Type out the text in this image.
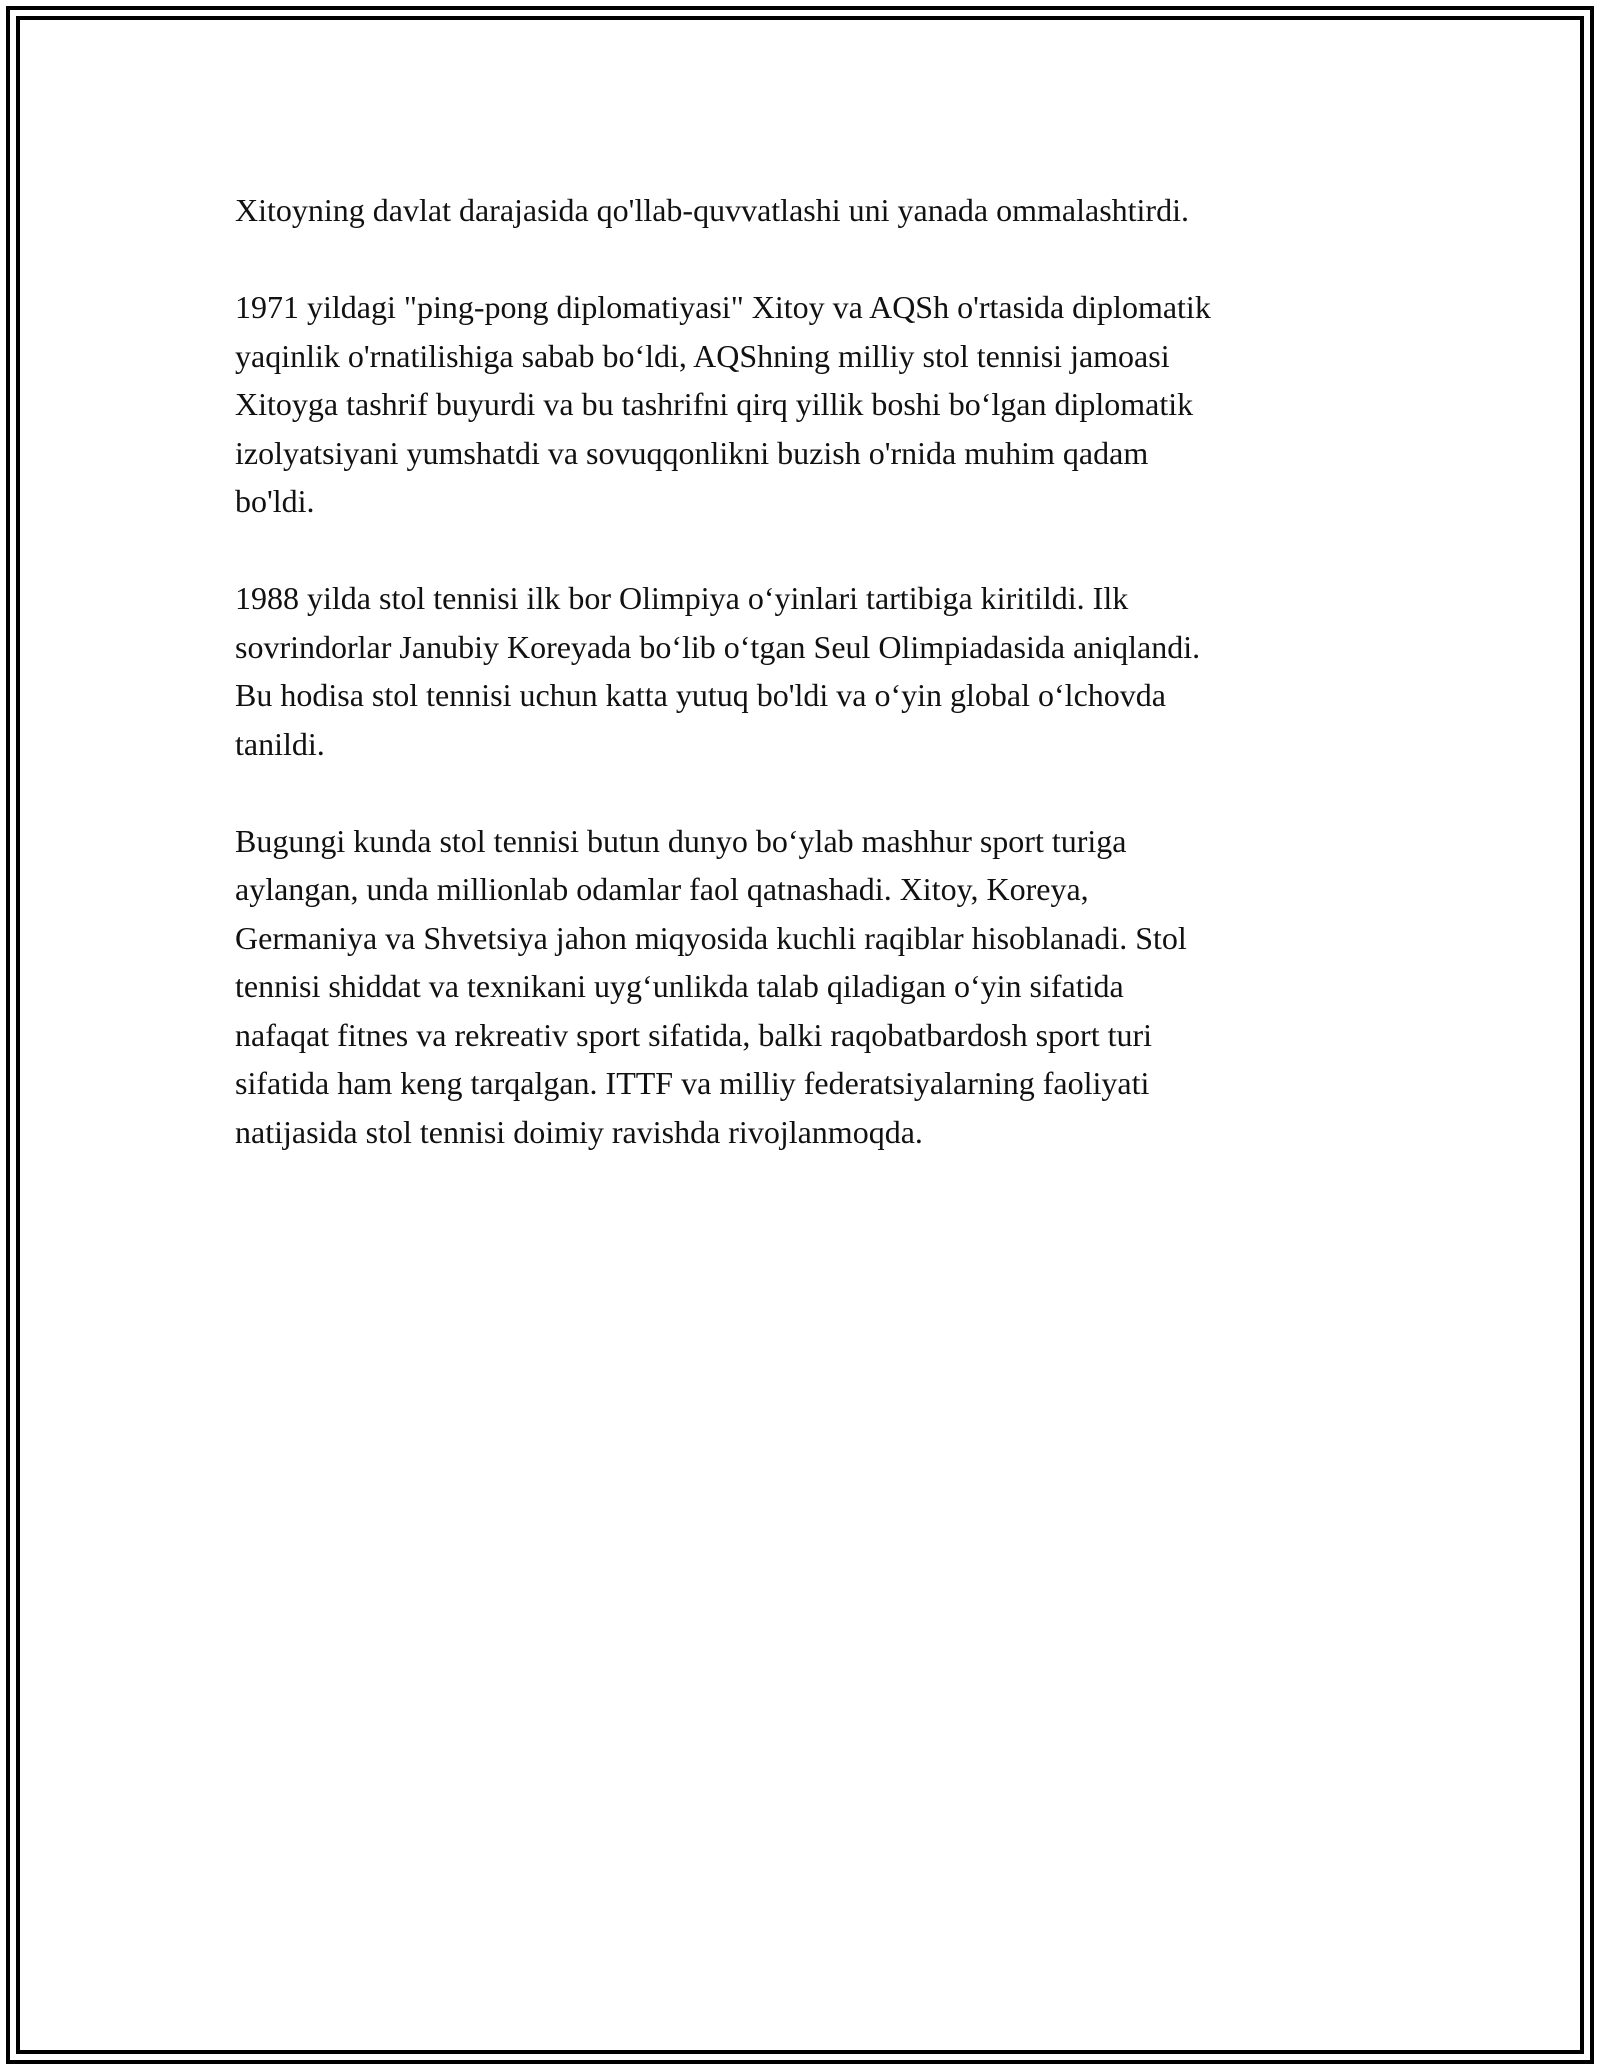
Xitoyning davlat darajasida qo'llab-quvvatlashi uni yanada ommalashtirdi.

1971 yildagi "ping-pong diplomatiyasi" Xitoy va AQSh o'rtasida diplomatik
yaqinlik o'rnatilishiga sabab bo‘ldi, AQShning milliy stol tennisi jamoasi
Xitoyga tashrif buyurdi va bu tashrifni qirq yillik boshi bo‘lgan diplomatik
izolyatsiyani yumshatdi va sovuqqonlikni buzish o'rnida muhim qadam
bo'ldi.

1988 yilda stol tennisi ilk bor Olimpiya o‘yinlari tartibiga kiritildi. Ilk
sovrindorlar Janubiy Koreyada bo‘lib o‘tgan Seul Olimpiadasida aniqlandi.
Bu hodisa stol tennisi uchun katta yutuq bo'ldi va o‘yin global o‘lchovda
tanildi.

Bugungi kunda stol tennisi butun dunyo bo‘ylab mashhur sport turiga
aylangan, unda millionlab odamlar faol qatnashadi. Xitoy, Koreya,
Germaniya va Shvetsiya jahon miqyosida kuchli raqiblar hisoblanadi. Stol
tennisi shiddat va texnikani uyg‘unlikda talab qiladigan o‘yin sifatida
nafaqat fitnes va rekreativ sport sifatida, balki raqobatbardosh sport turi
sifatida ham keng tarqalgan. ITTF va milliy federatsiyalarning faoliyati
natijasida stol tennisi doimiy ravishda rivojlanmoqda.
